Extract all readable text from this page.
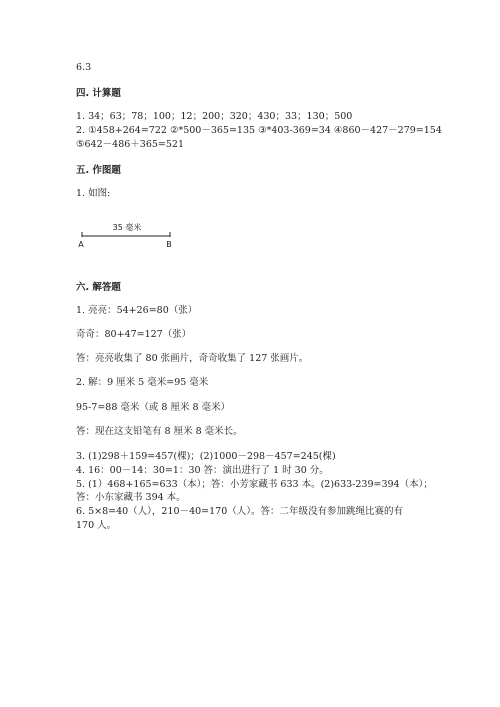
6.3
四. 计算题
1. 34；63；78；100；12；200；320；430；33；130；500
2. ①458+264=722 ②*500－365=135 ③*403-369=34 ④860－427－279=154
⑤642－486＋365=521
五. 作图题
1. 如图:
35 毫米
A	B
六. 解答题
1. 亮亮：54+26=80（张）
奇奇：80+47=127（张）
答：亮亮收集了 80 张画片，奇奇收集了 127 张画片。
2. 解：9 厘米 5 毫米=95 毫米
95-7=88 毫米（或 8 厘米 8 毫米）
答：现在这支铅笔有 8 厘米 8 毫米长。
3. (1)298＋159=457(棵)；(2)1000－298－457=245(棵)
4. 16：00－14：30=1：30 答：演出进行了 1 时 30 分。
5. (1）468+165=633（本）；答：小芳家藏书 633 本。(2)633-239=394（本）；
答：小东家藏书 394 本。
6. 5×8=40（人），210－40=170（人）。答：二年级没有参加跳绳比赛的有
170 人。
